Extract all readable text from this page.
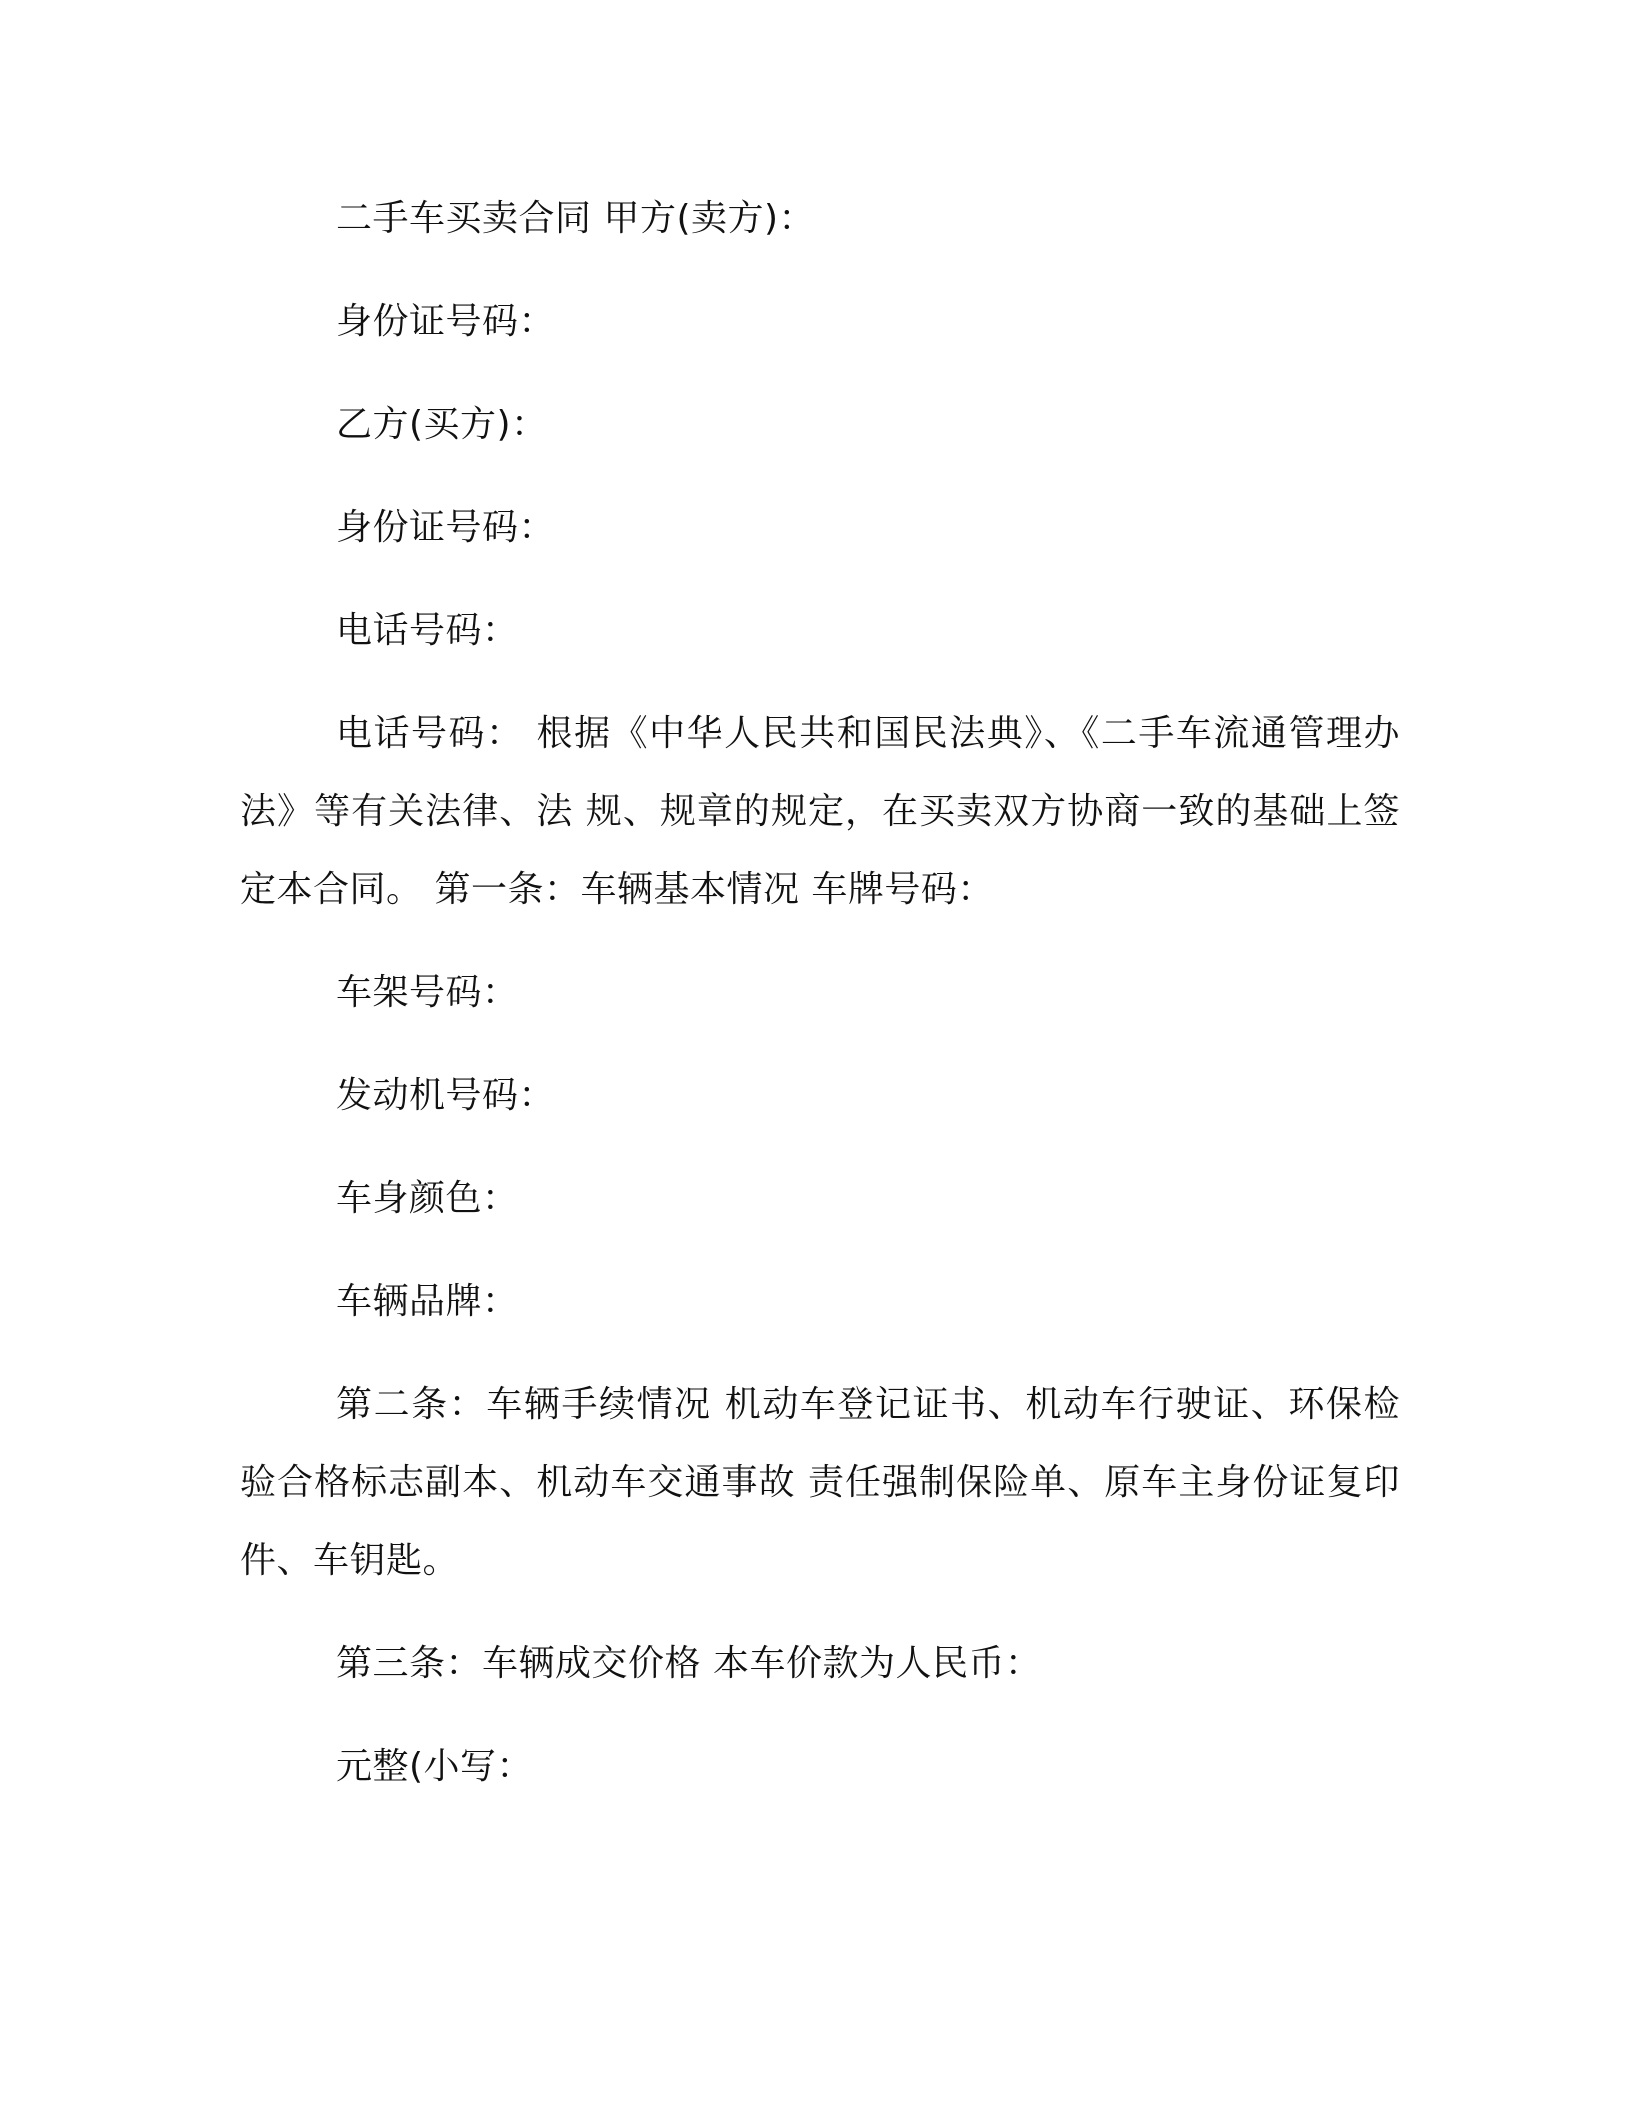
二手车买卖合同 甲方(卖方)：

身份证号码：

乙方(买方)：

身份证号码：

电话号码：

电话号码： 根据《中华人民共和国民法典》、《二手车流通管理办法》等有关法律、法 规、规章的规定，在买卖双方协商一致的基础上签定本合同。 第一条：车辆基本情况 车牌号码：

车架号码：

发动机号码：

车身颜色：

车辆品牌：

第二条：车辆手续情况 机动车登记证书、机动车行驶证、环保检验合格标志副本、机动车交通事故 责任强制保险单、原车主身份证复印件、车钥匙。

第三条：车辆成交价格 本车价款为人民币：

元整(小写：
